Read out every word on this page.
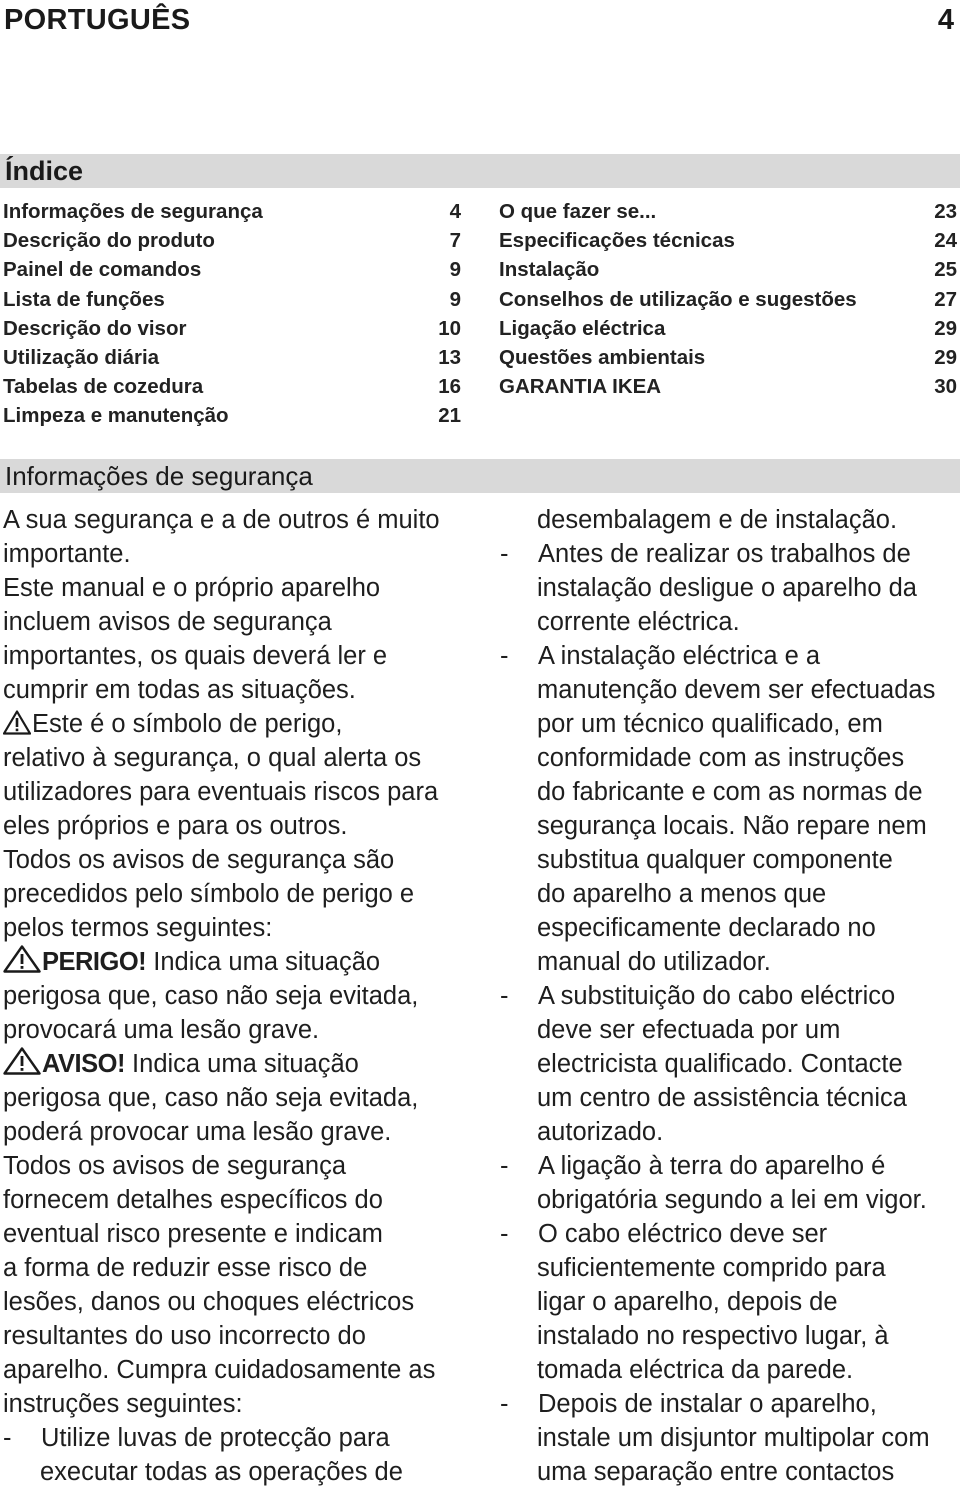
PORTUGUÊS	4
Índice
Informações de segurança	4
Descrição do produto	7
Painel de comandos	9
Lista de funções	9
Descrição do visor	10
Utilização diária	13
Tabelas de cozedura	16
Limpeza e manutenção	21
O que fazer se...	23
Especificações técnicas	24
Instalação	25
Conselhos de utilização e sugestões	27
Ligação eléctrica	29
Questões ambientais	29
GARANTIA IKEA	30
Informações de segurança
A sua segurança e a de outros é muito
importante.
Este manual e o próprio aparelho
incluem avisos de segurança
importantes, os quais deverá ler e
cumprir em todas as situações.
Este é o símbolo de perigo,
relativo à segurança, o qual alerta os
utilizadores para eventuais riscos para
eles próprios e para os outros.
Todos os avisos de segurança são
precedidos pelo símbolo de perigo e
pelos termos seguintes:
PERIGO! Indica uma situação
perigosa que, caso não seja evitada,
provocará uma lesão grave.
AVISO! Indica uma situação
perigosa que, caso não seja evitada,
poderá provocar uma lesão grave.
Todos os avisos de segurança
fornecem detalhes específicos do
eventual risco presente e indicam
a forma de reduzir esse risco de
lesões, danos ou choques eléctricos
resultantes do uso incorrecto do
aparelho. Cumpra cuidadosamente as
instruções seguintes:
- Utilize luvas de protecção para
executar todas as operações de
desembalagem e de instalação.
- Antes de realizar os trabalhos de
instalação desligue o aparelho da
corrente eléctrica.
- A instalação eléctrica e a
manutenção devem ser efectuadas
por um técnico qualificado, em
conformidade com as instruções
do fabricante e com as normas de
segurança locais. Não repare nem
substitua qualquer componente
do aparelho a menos que
especificamente declarado no
manual do utilizador.
- A substituição do cabo eléctrico
deve ser efectuada por um
electricista qualificado. Contacte
um centro de assistência técnica
autorizado.
- A ligação à terra do aparelho é
obrigatória segundo a lei em vigor.
- O cabo eléctrico deve ser
suficientemente comprido para
ligar o aparelho, depois de
instalado no respectivo lugar, à
tomada eléctrica da parede.
- Depois de instalar o aparelho,
instale um disjuntor multipolar com
uma separação entre contactos
